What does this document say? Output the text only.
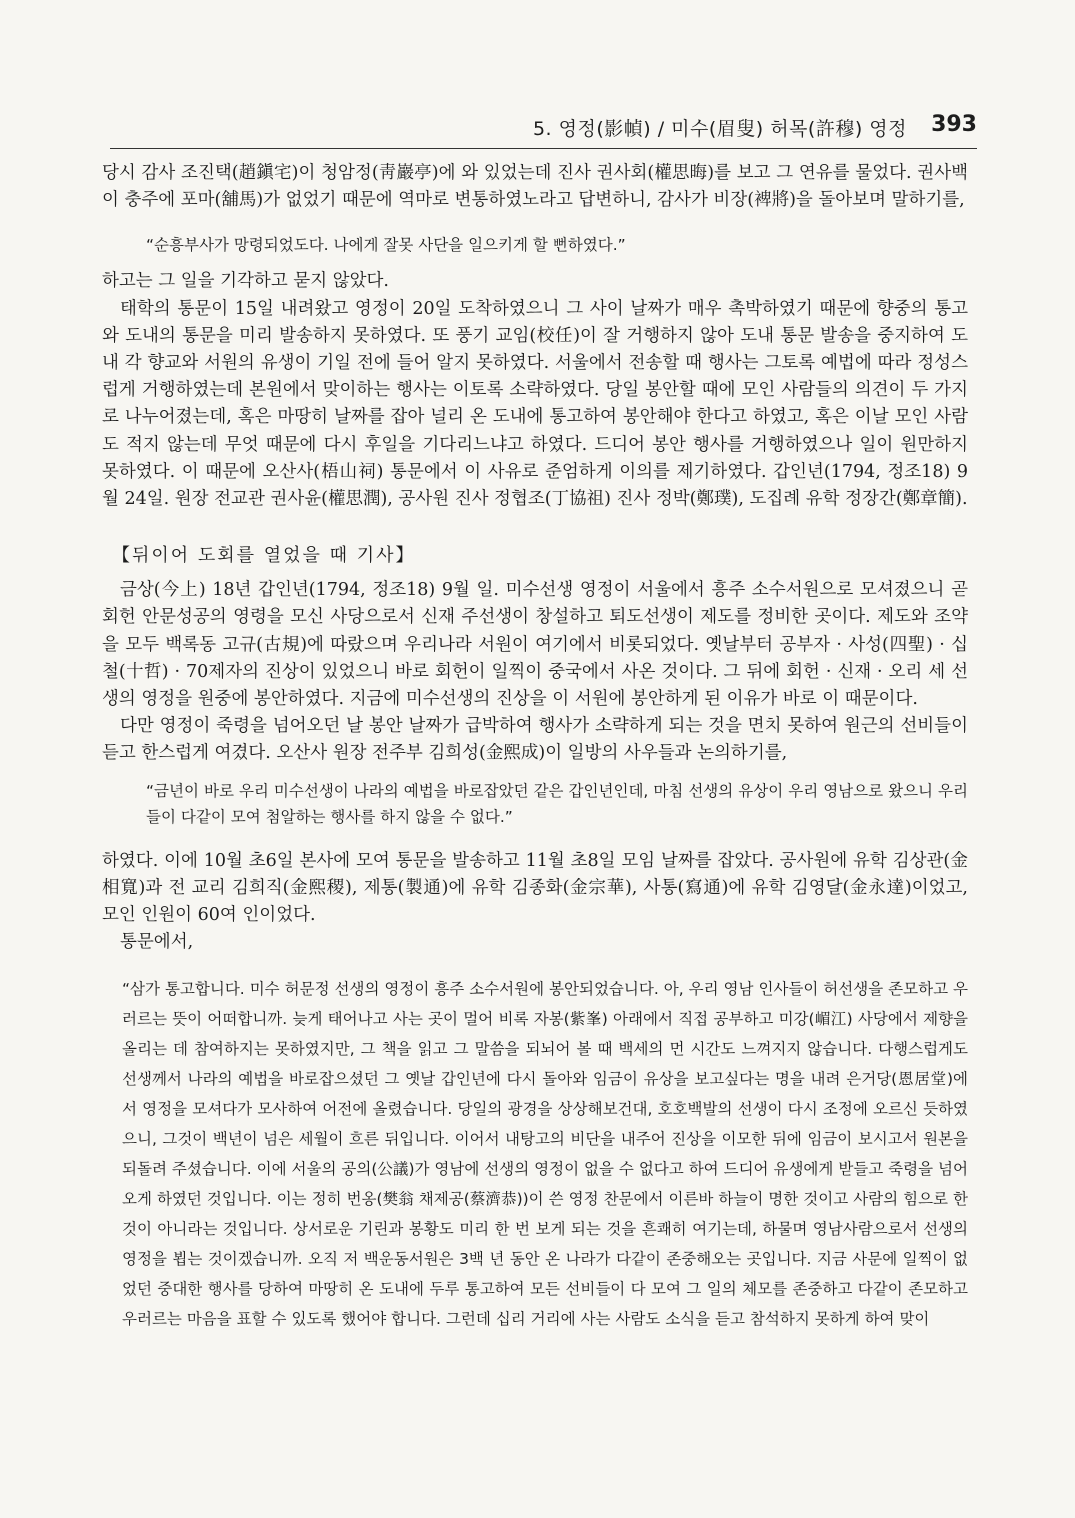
5. 영정(影幀) / 미수(眉叟) 허목(許穆) 영정 393

당시 감사 조진택(趙鎭宅)이 청암정(靑巖亭)에 와 있었는데 진사 권사회(權思晦)를 보고 그 연유를 물었다. 권사백이 충주에 포마(舖馬)가 없었기 때문에 역마로 변통하였노라고 답변하니, 감사가 비장(裨將)을 돌아보며 말하기를,

“순흥부사가 망령되었도다. 나에게 잘못 사단을 일으키게 할 뻔하였다.”

하고는 그 일을 기각하고 묻지 않았다.

태학의 통문이 15일 내려왔고 영정이 20일 도착하였으니 그 사이 날짜가 매우 촉박하였기 때문에 향중의 통고와 도내의 통문을 미리 발송하지 못하였다. 또 풍기 교임(校任)이 잘 거행하지 않아 도내 통문 발송을 중지하여 도내 각 향교와 서원의 유생이 기일 전에 들어 알지 못하였다. 서울에서 전송할 때 행사는 그토록 예법에 따라 정성스럽게 거행하였는데 본원에서 맞이하는 행사는 이토록 소략하였다. 당일 봉안할 때에 모인 사람들의 의견이 두 가지로 나누어졌는데, 혹은 마땅히 날짜를 잡아 널리 온 도내에 통고하여 봉안해야 한다고 하였고, 혹은 이날 모인 사람도 적지 않는데 무엇 때문에 다시 후일을 기다리느냐고 하였다. 드디어 봉안 행사를 거행하였으나 일이 원만하지 못하였다. 이 때문에 오산사(梧山祠) 통문에서 이 사유로 준엄하게 이의를 제기하였다. 갑인년(1794, 정조18) 9월 24일. 원장 전교관 권사윤(權思潤), 공사원 진사 정협조(丁協祖) 진사 정박(鄭璞), 도집례 유학 정장간(鄭章簡).

【뒤이어 도회를 열었을 때 기사】

금상(今上) 18년 갑인년(1794, 정조18) 9월 일. 미수선생 영정이 서울에서 흥주 소수서원으로 모셔졌으니 곧 회헌 안문성공의 영령을 모신 사당으로서 신재 주선생이 창설하고 퇴도선생이 제도를 정비한 곳이다. 제도와 조약을 모두 백록동 고규(古規)에 따랐으며 우리나라 서원이 여기에서 비롯되었다. 옛날부터 공부자 · 사성(四聖) · 십철(十哲) · 70제자의 진상이 있었으니 바로 회헌이 일찍이 중국에서 사온 것이다. 그 뒤에 회헌 · 신재 · 오리 세 선생의 영정을 원중에 봉안하였다. 지금에 미수선생의 진상을 이 서원에 봉안하게 된 이유가 바로 이 때문이다.

다만 영정이 죽령을 넘어오던 날 봉안 날짜가 급박하여 행사가 소략하게 되는 것을 면치 못하여 원근의 선비들이 듣고 한스럽게 여겼다. 오산사 원장 전주부 김희성(金熙成)이 일방의 사우들과 논의하기를,

“금년이 바로 우리 미수선생이 나라의 예법을 바로잡았던 같은 갑인년인데, 마침 선생의 유상이 우리 영남으로 왔으니 우리들이 다같이 모여 첨알하는 행사를 하지 않을 수 없다.”

하였다. 이에 10월 초6일 본사에 모여 통문을 발송하고 11월 초8일 모임 날짜를 잡았다. 공사원에 유학 김상관(金相寬)과 전 교리 김희직(金熙稷), 제통(製通)에 유학 김종화(金宗華), 사통(寫通)에 유학 김영달(金永達)이었고, 모인 인원이 60여 인이었다.

통문에서,

“삼가 통고합니다. 미수 허문정 선생의 영정이 흥주 소수서원에 봉안되었습니다. 아, 우리 영남 인사들이 허선생을 존모하고 우러르는 뜻이 어떠합니까. 늦게 태어나고 사는 곳이 멀어 비록 자봉(紫峯) 아래에서 직접 공부하고 미강(嵋江) 사당에서 제향을 올리는 데 참여하지는 못하였지만, 그 책을 읽고 그 말씀을 되뇌어 볼 때 백세의 먼 시간도 느껴지지 않습니다. 다행스럽게도 선생께서 나라의 예법을 바로잡으셨던 그 옛날 갑인년에 다시 돌아와 임금이 유상을 보고싶다는 명을 내려 은거당(恩居堂)에서 영정을 모셔다가 모사하여 어전에 올렸습니다. 당일의 광경을 상상해보건대, 호호백발의 선생이 다시 조정에 오르신 듯하였으니, 그것이 백년이 넘은 세월이 흐른 뒤입니다. 이어서 내탕고의 비단을 내주어 진상을 이모한 뒤에 임금이 보시고서 원본을 되돌려 주셨습니다. 이에 서울의 공의(公議)가 영남에 선생의 영정이 없을 수 없다고 하여 드디어 유생에게 받들고 죽령을 넘어오게 하였던 것입니다. 이는 정히 번옹(樊翁 채제공(蔡濟恭))이 쓴 영정 찬문에서 이른바 하늘이 명한 것이고 사람의 힘으로 한 것이 아니라는 것입니다. 상서로운 기린과 봉황도 미리 한 번 보게 되는 것을 흔쾌히 여기는데, 하물며 영남사람으로서 선생의 영정을 뵙는 것이겠습니까. 오직 저 백운동서원은 3백 년 동안 온 나라가 다같이 존중해오는 곳입니다. 지금 사문에 일찍이 없었던 중대한 행사를 당하여 마땅히 온 도내에 두루 통고하여 모든 선비들이 다 모여 그 일의 체모를 존중하고 다같이 존모하고 우러르는 마음을 표할 수 있도록 했어야 합니다. 그런데 십리 거리에 사는 사람도 소식을 듣고 참석하지 못하게 하여 맞이
